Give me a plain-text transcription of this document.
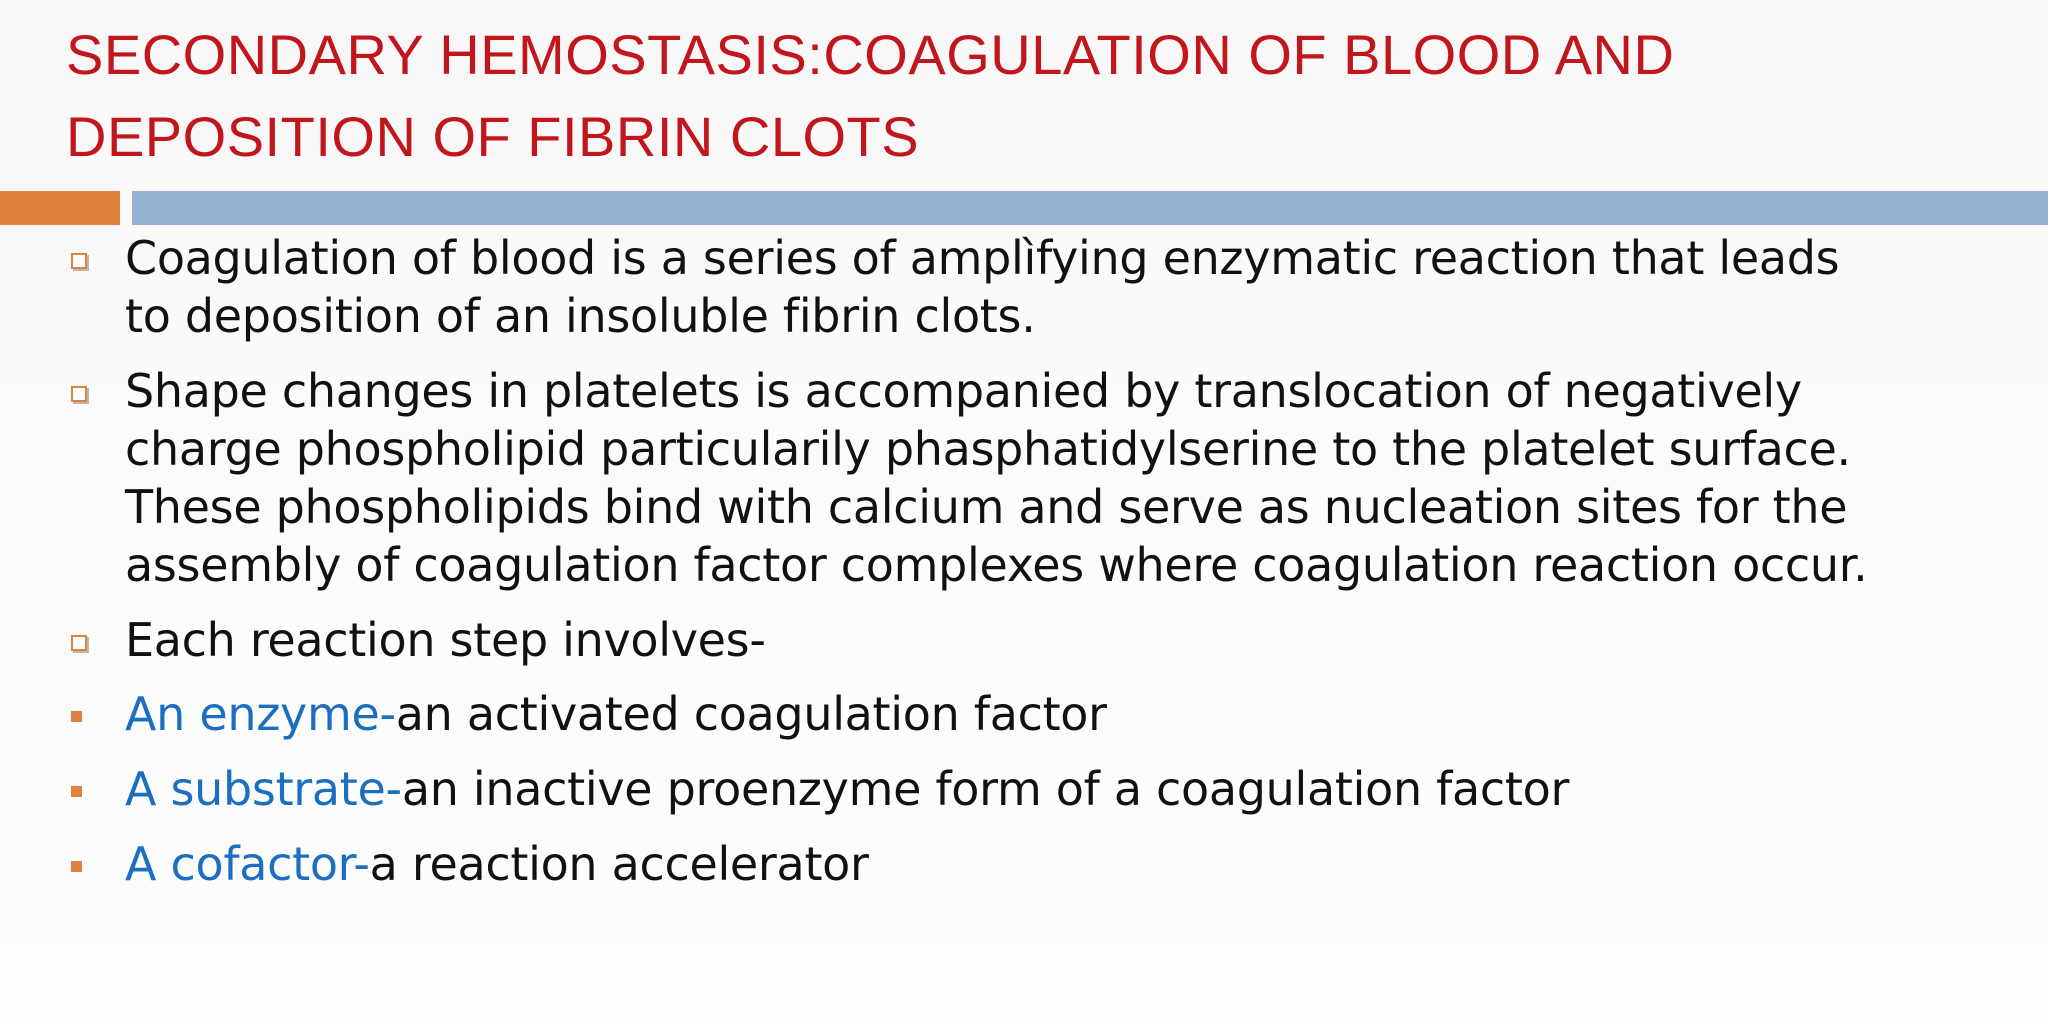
SECONDARY HEMOSTASIS:COAGULATION OF BLOOD AND
DEPOSITION OF FIBRIN CLOTS
Coagulation of blood is a series of amplìfying enzymatic reaction that leads
to deposition of an insoluble fibrin clots.
Shape changes in platelets is accompanied by translocation of negatively
charge phospholipid particularily phasphatidylserine to the platelet surface.
These phospholipids bind with calcium and serve as nucleation sites for the
assembly of coagulation factor complexes where coagulation reaction occur.
Each reaction step involves-
An enzyme-an activated coagulation factor
A substrate-an inactive proenzyme form of a coagulation factor
A cofactor-a reaction accelerator
